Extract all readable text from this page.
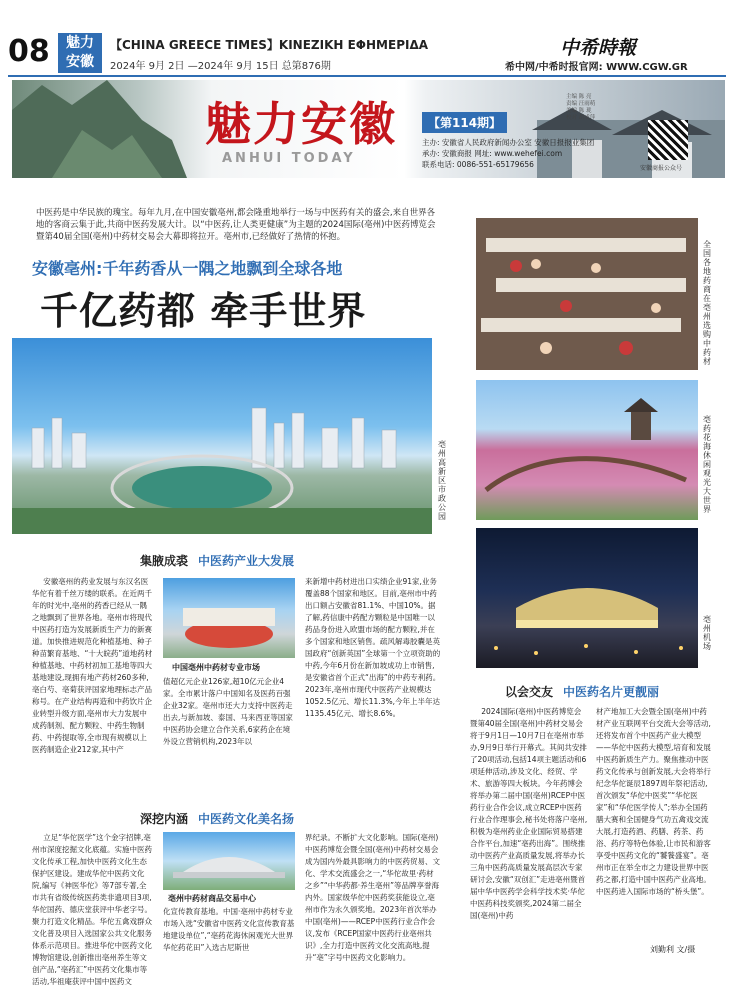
08 魅力安徽
【CHINA GREECE TIMES】KINEZIKH EΦHMEPIΔA
2024年 9月 2日 —2024年 9月 15日 总第876期
中希時報
希中网/中希时报官网: WWW.CGW.GR
魅力安徽
ANHUI TODAY
【第114期】
主办: 安徽省人民政府新闻办公室 安徽日报报业集团
承办: 安徽商报 网址: www.wehefei.com
联系电话: 0086-551-65179656
主编 陈 亮
责编 汪雨萌
美编 陈 珑
校对 胡成萍
安徽商报公众号
中医药是中华民族的瑰宝。每年九月,在中国安徽亳州,都会隆重地举行一场与中医药有关的盛会,来自世界各地的客商云集于此,共商中医药发展大计。以“中医药,让人类更健康”为主题的2024国际(亳州)中医药博览会暨第40届全国(亳州)中药材交易会大幕即将拉开。亳州市,已经做好了热情的怀抱。
安徽亳州:千年药香从一隅之地飘到全球各地
千亿药都 牵手世界
亳州高新区市政公园
全国各地药商在亳州选购中药材
亳药花海休闲观光大世界
亳州机场
集腋成裘 中医药产业大发展
安徽亳州的药业发展与东汉名医华佗有着千丝万缕的联系。在近两千年的时光中,亳州的药香已经从一隅之地飘到了世界各地。亳州市将现代中医药打造为发展新质生产力的新赛道。加快推进规范化种植基地、种子种苗繁育基地、“十大皖药”道地药材种植基地、中药材初加工基地等四大基地建设,现拥有地产药材260多种,亳白芍、亳菊获评国家地理标志产品称号。在产业结构再造和中药饮片企业转型升级方面,亳州市大力发展中成药制剂、配方颗粒、中药生物制药、中药提取等,全市现有规模以上医药制造企业212家,其中产
中国亳州中药材专业市场
值超亿元企业126家,超10亿元企业4家。全市累计落户中国知名及医药百强企业32家。亳州市还大力支持中医药走出去,与新加坡、泰国、马来西亚等国家中医药协会建立合作关系,6家药企在境外设立营销机构,2023年以
来新增中药材进出口实绩企业91家,业务覆盖88个国家和地区。目前,亳州市中药出口额占安徽省81.1%、中国10%。据了解,药信康中药配方颗粒是中国唯一以药品身份进入欧盟市场的配方颗粒,并在多个国家和地区销售。疏风解毒胶囊是英国政府“创新英国”全球第一个立项资助的中药,今年6月份在新加坡成功上市销售,是安徽省首个正式“出海”的中药专利药。2023年,亳州市现代中医药产业规模达1052.5亿元、增长11.3%,今年上半年达1135.45亿元、增长8.6%。
深挖内涵 中医药文化美名扬
立足“华佗医学”这个金字招牌,亳州市深度挖掘文化底蕴。实施中医药文化传承工程,加快中医药文化生态保护区建设。建成华佗中医药文化院,编写《神医华佗》等7部专著,全市共有省级传统医药类非遗项目3项,华佗国药、德庆堂获评中华老字号。聚力打造文化精品。华佗五禽戏群众文化普及项目入选国家公共文化服务体系示范项目。推进华佗中医药文化博物馆建设,创新推出亳州养生等文创产品,“亳药汇”中医药文化集市等活动,华祖庵获评中国中医药文
亳州中药材商品交易中心
化宣传教育基地。中国·亳州中药材专业市场入选“安徽省中医药文化宣传教育基地建设单位”,“亳药花海休闲观光大世界华佗药花田”入选古尼斯世
界纪录。不断扩大文化影响。国际(亳州)中医药博览会暨全国(亳州)中药材交易会成为国内外最具影响力的中医药贸易、文化、学术交流盛会之一,“华佗故里·药材之乡”“中华药都·养生亳州”等品牌享誉海内外。国家级华佗中医药奖获能设立,亳州市作为永久颁奖地。2023年首次举办中国(亳州)——RCEP中医药行业合作会议,发布《RCEP国家中医药行业亳州共识》,全力打造中医药文化交流高地,提升“亳”字号中医药文化影响力。
以会交友 中医药名片更靓丽
2024国际(亳州)中医药博览会暨第40届全国(亳州)中药材交易会将于9月1日—10月7日在亳州市举办,9月9日举行开幕式。其间共安排了20项活动,包括14项主题活动和6项延伸活动,涉及文化、经贸、学术、旅游等四大板块。今年药博会将举办第二届中国(亳州)RCEP中医药行业合作会议,成立RCEP中医药行业合作理事会,秘书处将落户亳州,积极为亳州药业企业国际贸易搭建合作平台,加速“亳药出海”。围绕推动中医药产业高质量发展,将举办长三角中医药高质量发展高层次专家研讨会,安徽“双创汇”走进亳州暨首届中华中医药学会科学技术奖·华佗中医药科技奖颁奖,2024第二届全国(亳州)中药
材产地加工大会暨全国(亳州)中药材产业互联网平台交流大会等活动,还将发布首个中医药产业大模型——华佗中医药大模型,培育和发展中医药新质生产力。聚焦推动中医药文化传承与创新发展,大会将举行纪念华佗诞辰1897周年祭祀活动,首次颁发“华佗中医奖”“华佗医家”和“华佗医学传人”;举办全国药膳大赛和全国健身气功五禽戏交流大展,打造药酒、药膳、药茶、药浴、药疗等特色体验,让市民和游客享受中医药文化的“饕餮盛宴”。亳州市正在举全市之力建设世界中医药之都,打造中国中医药产业高地。中医药进入国际市场的“桥头堡”。
刘勤利 文/摄
